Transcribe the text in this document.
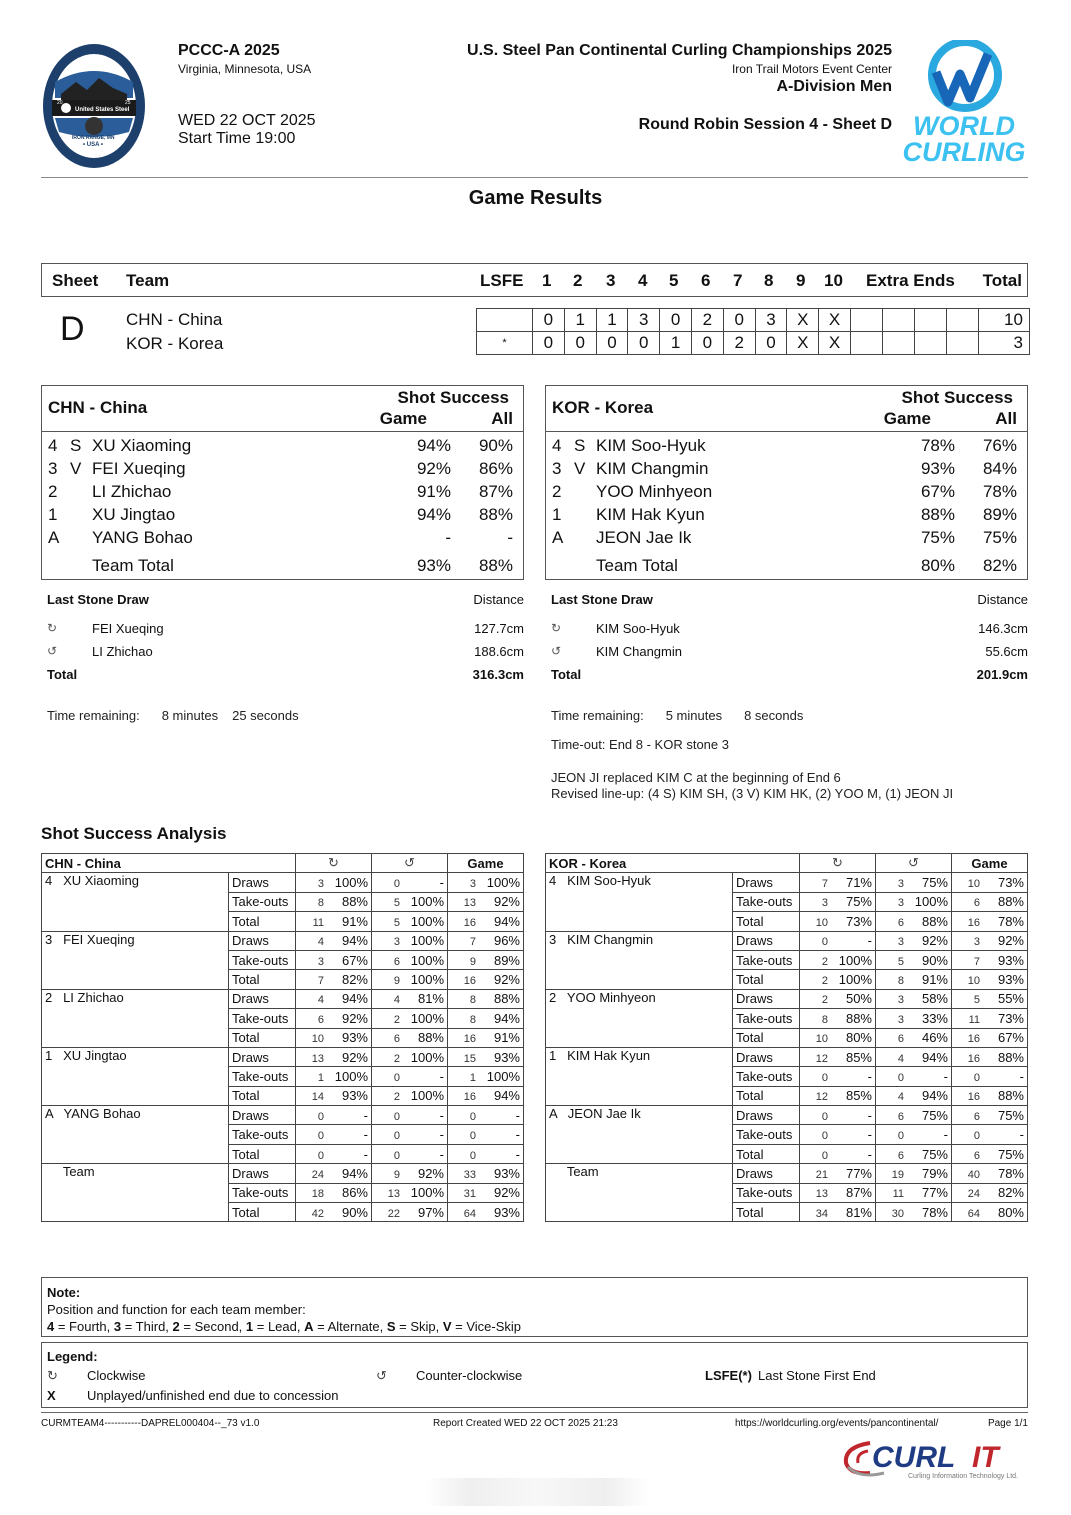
United States Steel
IRON RANGE, MN
• USA •
20	25
PCCC-A 2025
Virginia, Minnesota, USA
WED 22 OCT 2025
Start Time 19:00
U.S. Steel Pan Continental Curling Championships 2025
Iron Trail Motors Event Center
A-Division Men
Round Robin Session 4 - Sheet D WORLD
CURLING
Game Results
Sheet Team	LSFE 1 2 3 4 5 6 7 8 9 10 Extra Ends Total
D CHN - China
KOR - Korea
	0	1	1	3	0	2	0	3	X	X					10
*	0	0	0	0	1	0	2	0	X	X					3
CHN - China
Shot Success
Game	All
4 S XU Xiaoming	94% 90%
3 V FEI Xueqing	92% 86%
2 LI Zhichao	91% 87%
1 XU Jingtao	94% 88%
A YANG Bohao	-	-
Team Total	93% 88%
Last Stone Draw	Distance
↻	FEI Xueqing	127.7cm
↺	LI Zhichao	188.6cm
Total	316.3cm
Time remaining: 8 minutes 25 seconds
KOR - Korea
Shot Success
Game	All
4 S KIM Soo-Hyuk	78% 76%
3 V KIM Changmin	93% 84%
2 YOO Minhyeon	67% 78%
1 KIM Hak Kyun	88% 89%
A JEON Jae Ik	75% 75%
Team Total	80% 82%
Last Stone Draw	Distance
↻	KIM Soo-Hyuk	146.3cm
↺	KIM Changmin	55.6cm
Total	201.9cm
Time remaining: 5 minutes 8 seconds
Time-out: End 8 - KOR stone 3
JEON JI replaced KIM C at the beginning of End 6
Revised line-up: (4 S) KIM SH, (3 V) KIM HK, (2) YOO M, (1) JEON JI
Shot Success Analysis
CHN - China		↻	↺	Game
4   XU Xiaoming	Draws	3 100%	0 -	3 100%
	Take-outs	8 88%	5 100%	13 92%
	Total	11 91%	5 100%	16 94%
3   FEI Xueqing	Draws	4 94%	3 100%	7 96%
	Take-outs	3 67%	6 100%	9 89%
	Total	7 82%	9 100%	16 92%
2   LI Zhichao	Draws	4 94%	4 81%	8 88%
	Take-outs	6 92%	2 100%	8 94%
	Total	10 93%	6 88%	16 91%
1   XU Jingtao	Draws	13 92%	2 100%	15 93%
	Take-outs	1 100%	0 -	1 100%
	Total	14 93%	2 100%	16 94%
A   YANG Bohao	Draws	0 -	0 -	0 -
	Take-outs	0 -	0 -	0 -
	Total	0 -	0 -	0 -
Team	Draws	24 94%	9 92%	33 93%
	Take-outs	18 86%	13 100%	31 92%
	Total	42 90%	22 97%	64 93%
KOR - Korea		↻	↺	Game
4   KIM Soo-Hyuk	Draws	7 71%	3 75%	10 73%
	Take-outs	3 75%	3 100%	6 88%
	Total	10 73%	6 88%	16 78%
3   KIM Changmin	Draws	0 -	3 92%	3 92%
	Take-outs	2 100%	5 90%	7 93%
	Total	2 100%	8 91%	10 93%
2   YOO Minhyeon	Draws	2 50%	3 58%	5 55%
	Take-outs	8 88%	3 33%	11 73%
	Total	10 80%	6 46%	16 67%
1   KIM Hak Kyun	Draws	12 85%	4 94%	16 88%
	Take-outs	0 -	0 -	0 -
	Total	12 85%	4 94%	16 88%
A   JEON Jae Ik	Draws	0 -	6 75%	6 75%
	Take-outs	0 -	0 -	0 -
	Total	0 -	6 75%	6 75%
Team	Draws	21 77%	19 79%	40 78%
	Take-outs	13 87%	11 77%	24 82%
	Total	34 81%	30 78%	64 80%
Note:
Position and function for each team member:
4 = Fourth, 3 = Third, 2 = Second, 1 = Lead, A = Alternate, S = Skip, V = Vice-Skip
Legend:
↻ Clockwise	↺ Counter-clockwise	LSFE(*) Last Stone First End
X Unplayed/unfinished end due to concession
CURMTEAM4-----------DAPREL000404--_73 v1.0	Report Created WED 22 OCT 2025 21:23	https://worldcurling.org/events/pancontinental/	Page 1/1
CURL IT
Curling Information Technology Ltd.
